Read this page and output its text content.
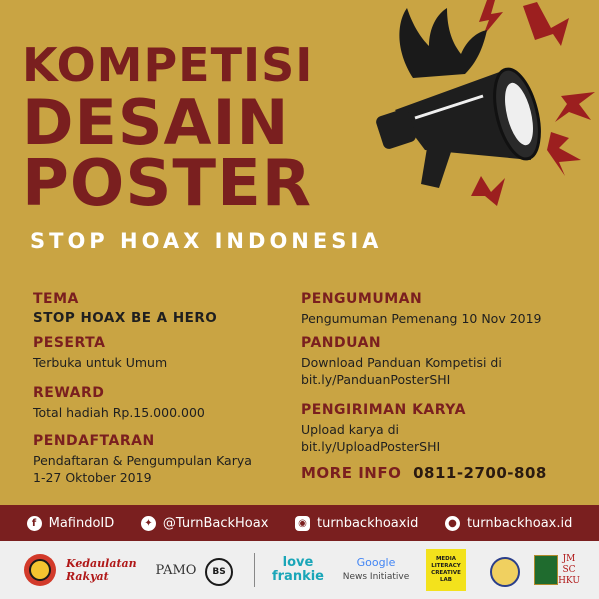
KOMPETISI
DESAIN
POSTER
STOP HOAX INDONESIA
TEMA
STOP HOAX BE A HERO
PESERTA
Terbuka untuk Umum
REWARD
Total hadiah Rp.15.000.000
PENDAFTARAN
Pendaftaran & Pengumpulan Karya
1-27 Oktober 2019
PENGUMUMAN
Pengumuman Pemenang 10 Nov 2019
PANDUAN
Download Panduan Kompetisi di
bit.ly/PanduanPosterSHI
PENGIRIMAN KARYA
Upload karya di
bit.ly/UploadPosterSHI
MORE INFO 0811-2700-808
f MafindoID	✦ @TurnBackHoax	◉ turnbackhoaxid	● turnbackhoax.id
Kedaulatan Rakyat	PAMO	BS
love
frankie
Google
News Initiative
MEDIA
LITERACY
CREATIVE
LAB
JM
SC
HKU
